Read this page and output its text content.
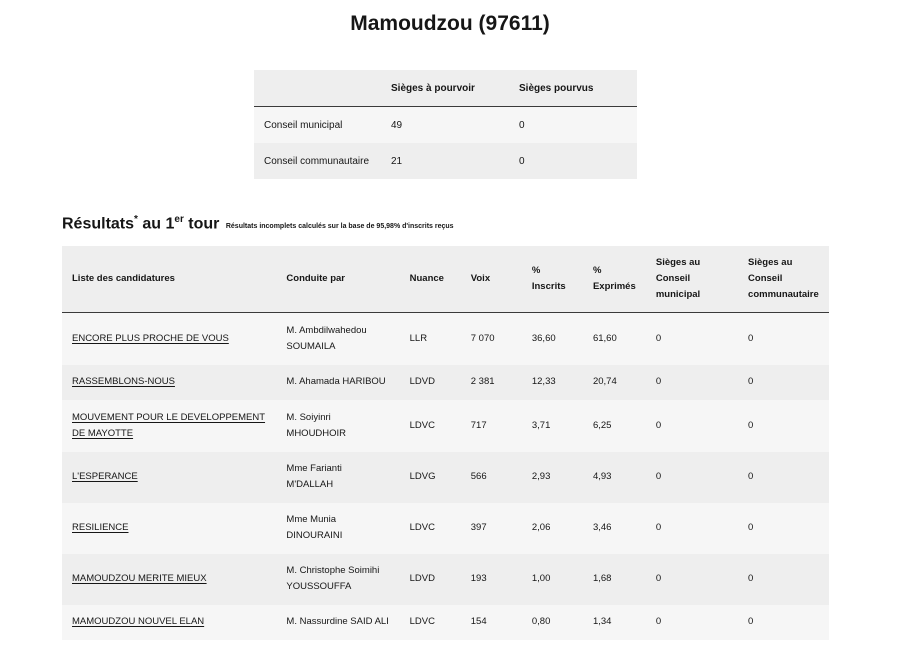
Mamoudzou (97611)
	Sièges à pourvoir	Sièges pourvus
Conseil municipal	49	0
Conseil communautaire	21	0
Résultats* au 1er tour Résultats incomplets calculés sur la base de 95,98% d'inscrits reçus
Liste des candidatures	Conduite par	Nuance	Voix	% Inscrits	% Exprimés	Sièges au Conseil municipal	Sièges au Conseil communautaire
ENCORE PLUS PROCHE DE VOUS	M. Ambdilwahedou SOUMAILA	LLR	7 070	36,60	61,60	0	0
RASSEMBLONS-NOUS	M. Ahamada HARIBOU	LDVD	2 381	12,33	20,74	0	0
MOUVEMENT POUR LE DEVELOPPEMENT DE MAYOTTE	M. Soiyinri MHOUDHOIR	LDVC	717	3,71	6,25	0	0
L'ESPERANCE	Mme Farianti M'DALLAH	LDVG	566	2,93	4,93	0	0
RESILIENCE	Mme Munia DINOURAINI	LDVC	397	2,06	3,46	0	0
MAMOUDZOU MERITE MIEUX	M. Christophe Soimihi YOUSSOUFFA	LDVD	193	1,00	1,68	0	0
MAMOUDZOU NOUVEL ELAN	M. Nassurdine SAID ALI	LDVC	154	0,80	1,34	0	0
